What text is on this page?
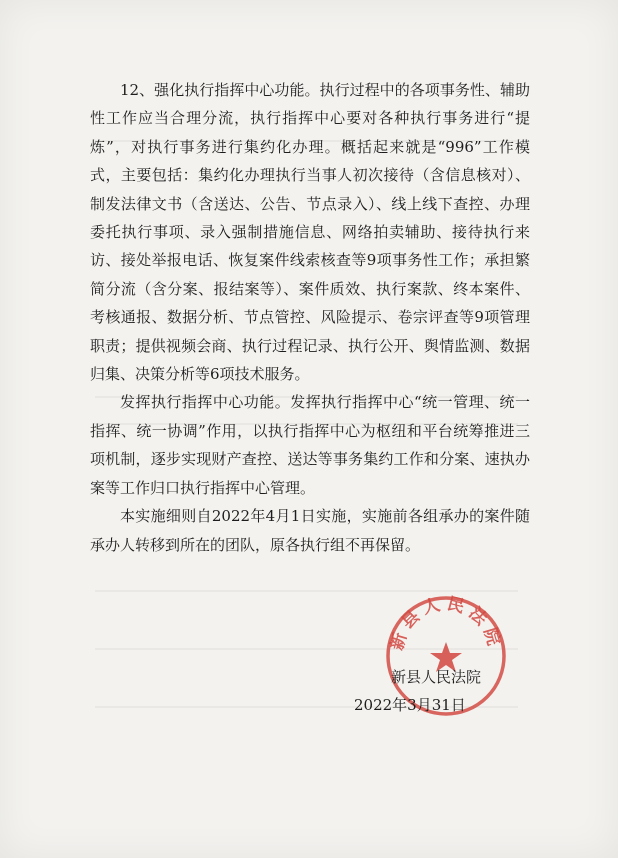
12、强化执行指挥中心功能。执行过程中的各项事务性、辅助性工作应当合理分流，执行指挥中心要对各种执行事务进行“提炼”，对执行事务进行集约化办理。概括起来就是“996”工作模式，主要包括：集约化办理执行当事人初次接待（含信息核对）、制发法律文书（含送达、公告、节点录入）、线上线下查控、办理委托执行事项、录入强制措施信息、网络拍卖辅助、接待执行来访、接处举报电话、恢复案件线索核查等9项事务性工作；承担繁简分流（含分案、报结案等）、案件质效、执行案款、终本案件、考核通报、数据分析、节点管控、风险提示、卷宗评查等9项管理职责；提供视频会商、执行过程记录、执行公开、舆情监测、数据归集、决策分析等6项技术服务。

发挥执行指挥中心功能。发挥执行指挥中心“统一管理、统一指挥、统一协调”作用，以执行指挥中心为枢纽和平台统筹推进三项机制，逐步实现财产查控、送达等事务集约工作和分案、速执办案等工作归口执行指挥中心管理。

本实施细则自2022年4月1日实施，实施前各组承办的案件随承办人转移到所在的团队，原各执行组不再保留。

新县人民法院
新县人民法院
2022年3月31日
